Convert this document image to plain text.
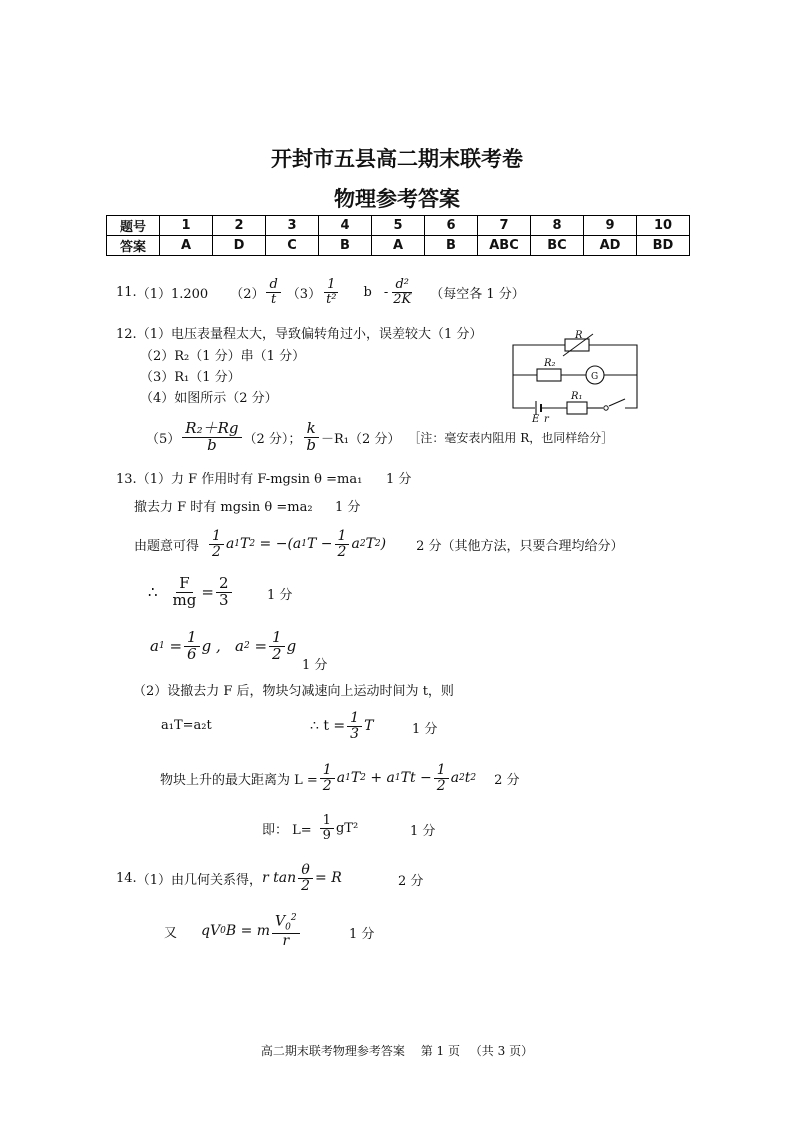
开封市五县高二期末联考卷
物理参考答案
题号	1	2	3	4	5	6	7	8	9	10
答案	A	D	C	B	A	B	ABC	BC	AD	BD
11. （1）1.200 $(2) \frac{d}{t} (3) \frac{1}{\text{t²}}$ b - $\frac{\text{d²}}{2K}$ （每空各 1 分）
12.（1）电压表量程太大，导致偏转角过小，误差较大（1 分）
（2）R₂（1 分）串（1 分）
（3）R₁（1 分）
（4）如图所示（2 分）
R
R₂
G
R₁
E r
$(5) \frac{\text{R₂＋Rg}}{b} (2$ 分）； $\frac{k}{b} -R_1(2$ 分） ［注：毫安表内阻用 R，也同样给分］
13.（1）力 F 作用时有 F-mgsin θ =ma₁ 1 分
撤去力 F 时有 mgsin θ =ma₂ 1 分
由题意可得 $\frac{1}{2}$ a 1 T 2 = −(a 1 $T - \frac{1}{2}$ a 2 T 2 ) 2 分（其他方法，只要合理均给分）
∴ $\frac{F}{mg} = \frac{2}{3}$	1 分
a $1 = \frac{1}{6}$ g ,   a $2 = \frac{1}{2}$ g
1 分
（2）设撤去力 F 后，物块匀减速向上运动时间为 t，则
a₁T=a₂t	∴ $t = \frac{1}{3}$ T	1 分
物块上升的最大距离为 $L = \frac{1}{2}$ a 1 T 2 + a 1 $Tt - \frac{1}{2}$ a 2 t 2 2 分
即： $L= \frac{1}{9} gT^2$	1 分
14. （1）由几何关系得， r $\tan \frac{\theta}{2} = R$	2 分
又 qV 0 B = m $\frac{V_0^2}{r}$	1 分
高二期末联考物理参考答案　 第 1 页 　（共 3 页）
